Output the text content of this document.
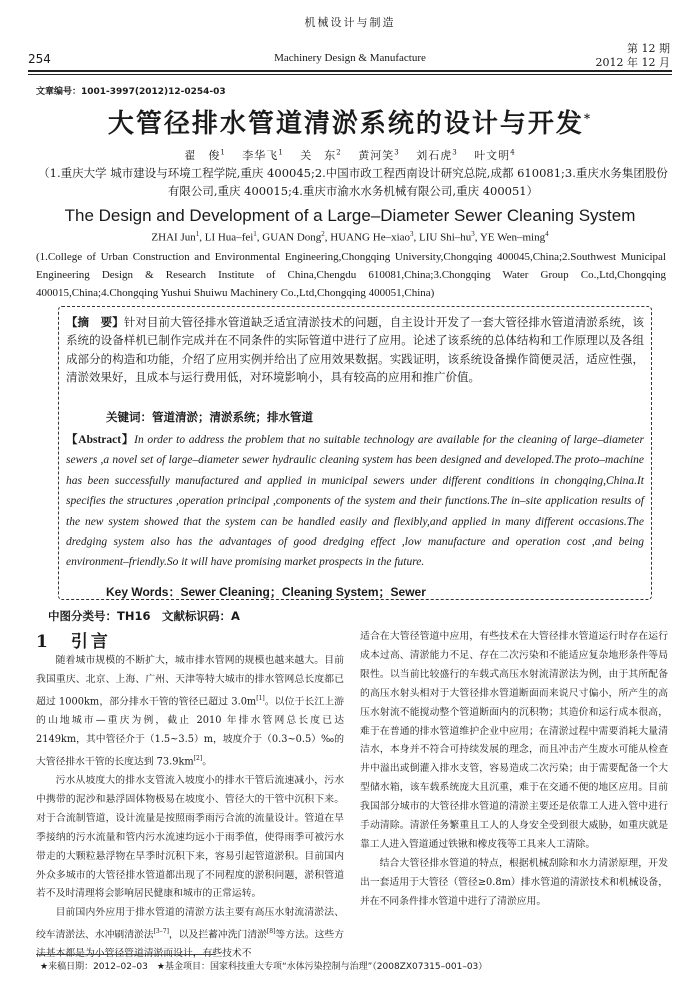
机械设计与制造
254	Machinery Design & Manufacture
第 12 期
2012 年 12 月
文章编号：1001-3997(2012)12-0254-03
大管径排水管道清淤系统的设计与开发*
翟　俊$^1$　 李华飞$^1$　 关　东$^2$　 黄河笑$^3$　 刘石虎$^3$　 叶文明$^4$
（1.重庆大学 城市建设与环境工程学院,重庆 400045;2.中国市政工程西南设计研究总院,成都 610081;3.重庆水务集团股份有限公司,重庆 400015;4.重庆市渝水水务机械有限公司,重庆 400051）
The Design and Development of a Large–Diameter Sewer Cleaning System
ZHAI Jun$^1$, LI Hua–fei$^1$, GUAN Dong$^2$, HUANG He–xiao$^3$, LIU Shi–$hu^3$, YE Wen–ming$^4$
(1.College of Urban Construction and Environmental Engineering,Chongqing University,Chongqing 400045,China;2.Southwest Municipal Engineering Design & Research Institute of China,Chengdu 610081,China;3.Chongqing Water Group Co.,Ltd,Chongqing 400015,China;4.Chongqing Yushui Shuiwu Machinery Co.,Ltd,Chongqing 400051,China)
【摘　要】针对目前大管径排水管道缺乏适宜清淤技术的问题，自主设计开发了一套大管径排水管道清淤系统，该系统的设备样机已制作完成并在不同条件的实际管道中进行了应用。论述了该系统的总体结构和工作原理以及各组成部分的构造和功能，介绍了应用实例并给出了应用效果数据。实践证明，该系统设备操作简便灵活，适应性强，清淤效果好，且成本与运行费用低，对环境影响小，具有较高的应用和推广价值。
关键词：管道清淤；清淤系统；排水管道
【Abstract】In order to address the problem that no suitable technology are available for the cleaning of large–diameter sewers ,a novel set of large–diameter sewer hydraulic cleaning system has been designed and developed.The proto–machine has been successfully manufactured and applied in municipal sewers under different conditions in chongqing,China.It specifies the structures ,operation principal ,components of the system and their functions.The in–site application results of the new system showed that the system can be handled easily and flexibly,and applied in many different occasions.The dredging system also has the advantages of good dredging effect ,low manufacture and operation cost ,and being environment–friendly.So it will have promising market prospects in the future.
Key Words：Sewer Cleaning；Cleaning System；Sewer
中图分类号：TH16　文献标识码：A
1　引言

随着城市规模的不断扩大，城市排水管网的规模也越来越大。目前我国重庆、北京、上海、广州、天津等特大城市的排水管网总长度都已超过 1000km，部分排水干管的管径已超过 3.0m[1]。以位于长江上游的山地城市—重庆为例，截止 2010 年排水管网总长度已达 2149km，其中管径介于（1.5~3.5）m，坡度介于（0.3~0.5）‰的大管径排水干管的长度达到 73.9km[2]。

污水从坡度大的排水支管流入坡度小的排水干管后流速减小，污水中携带的泥沙和悬浮固体物极易在坡度小、管径大的干管中沉积下来。对于合流制管道，设计流量是按照雨季雨污合流的流量设计。管道在旱季接纳的污水流量和管内污水流速均远小于雨季值，使得雨季可被污水带走的大颗粒悬浮物在旱季时沉积下来，容易引起管道淤积。目前国内外众多城市的大管径排水管道都出现了不同程度的淤积问题，淤积管道若不及时清理将会影响居民健康和城市的正常运转。

目前国内外应用于排水管道的清淤方法主要有高压水射流清淤法、绞车清淤法、水冲刷清淤法[3–7]，以及拦蓄冲洗门清淤[8]等方法。这些方法基本都是为小管径管道清淤而设计，有些技术不

适合在大管径管道中应用，有些技术在大管径排水管道运行时存在运行成本过高、清淤能力不足、存在二次污染和不能适应复杂地形条件等局限性。以当前比较盛行的车载式高压水射流清淤法为例，由于其所配备的高压水射头相对于大管径排水管道断面而来说尺寸偏小，所产生的高压水射流不能搅动整个管道断面内的沉积物；其造价和运行成本很高，难于在普通的排水管道维护企业中应用；在清淤过程中需要消耗大量清洁水，本身并不符合可持续发展的理念，而且冲击产生废水可能从检查井中溢出或倒灌入排水支管，容易造成二次污染；由于需要配备一个大型储水箱，该车载系统庞大且沉重，难于在交通不便的地区应用。目前我国部分城市的大管径排水管道的清淤主要还是依靠工人进入管中进行手动清除。清淤任务繁重且工人的人身安全受到很大威胁，如重庆就是靠工人进入管道通过铁锹和橡皮筏等工具来人工清除。

结合大管径排水管道的特点，根据机械刮除和水力清淤原理，开发出一套适用于大管径（管径≥0.8m）排水管道的清淤技术和机械设备，并在不同条件排水管道中进行了清淤应用。

★来稿日期：2012–02–03　★基金项目：国家科技重大专项“水体污染控制与治理”（2008ZX07315–001–03）
